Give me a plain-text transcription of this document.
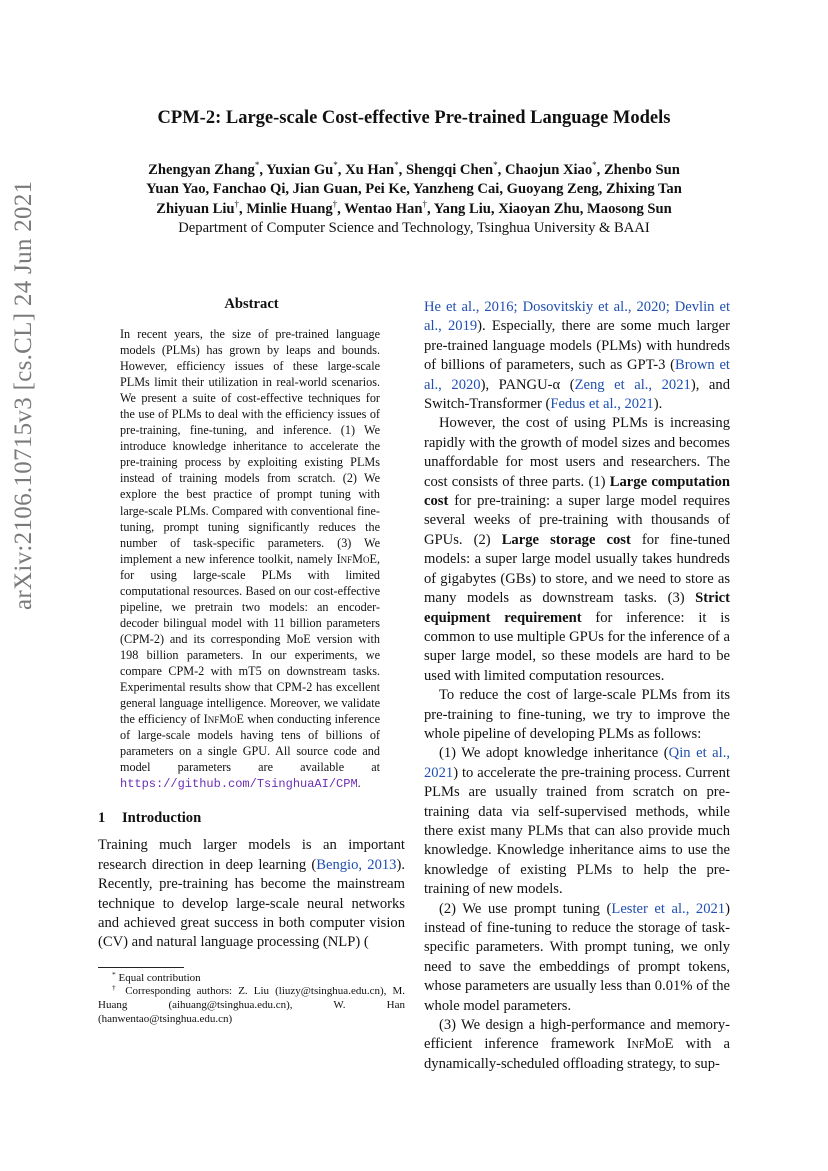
arXiv:2106.10715v3 [cs.CL] 24 Jun 2021
CPM-2: Large-scale Cost-effective Pre-trained Language Models
Zhengyan Zhang*, Yuxian Gu*, Xu Han*, Shengqi Chen*, Chaojun Xiao*, Zhenbo Sun
Yuan Yao, Fanchao Qi, Jian Guan, Pei Ke, Yanzheng Cai, Guoyang Zeng, Zhixing Tan
Zhiyuan Liu†, Minlie Huang†, Wentao Han†, Yang Liu, Xiaoyan Zhu, Maosong Sun
Department of Computer Science and Technology, Tsinghua University & BAAI
Abstract
In recent years, the size of pre-trained language models (PLMs) has grown by leaps and bounds. However, efficiency issues of these large-scale PLMs limit their utilization in real-world scenarios. We present a suite of cost-effective techniques for the use of PLMs to deal with the efficiency issues of pre-training, fine-tuning, and inference. (1) We introduce knowledge inheritance to accelerate the pre-training process by exploiting existing PLMs instead of training models from scratch. (2) We explore the best practice of prompt tuning with large-scale PLMs. Compared with conventional fine-tuning, prompt tuning significantly reduces the number of task-specific parameters. (3) We implement a new inference toolkit, namely InfMoE, for using large-scale PLMs with limited computational resources. Based on our cost-effective pipeline, we pretrain two models: an encoder-decoder bilingual model with 11 billion parameters (CPM-2) and its corresponding MoE version with 198 billion parameters. In our experiments, we compare CPM-2 with mT5 on downstream tasks. Experimental results show that CPM-2 has excellent general language intelligence. Moreover, we validate the efficiency of InfMoE when conducting inference of large-scale models having tens of billions of parameters on a single GPU. All source code and model parameters are available at https://github.com/TsinghuaAI/CPM.
1 Introduction

Training much larger models is an important research direction in deep learning (Bengio, 2013). Recently, pre-training has become the mainstream technique to develop large-scale neural networks and achieved great success in both computer vision (CV) and natural language processing (NLP) (

* Equal contribution

† Corresponding authors: Z. Liu (liuzy@tsinghua.edu.cn), M. Huang (aihuang@tsinghua.edu.cn), W. Han (hanwentao@tsinghua.edu.cn)

He et al., 2016; Dosovitskiy et al., 2020; Devlin et al., 2019). Especially, there are some much larger pre-trained language models (PLMs) with hundreds of billions of parameters, such as GPT-3 (Brown et al., 2020), PANGU-α (Zeng et al., 2021), and Switch-Transformer (Fedus et al., 2021).

However, the cost of using PLMs is increasing rapidly with the growth of model sizes and becomes unaffordable for most users and researchers. The cost consists of three parts. (1) Large computation cost for pre-training: a super large model requires several weeks of pre-training with thousands of GPUs. (2) Large storage cost for fine-tuned models: a super large model usually takes hundreds of gigabytes (GBs) to store, and we need to store as many models as downstream tasks. (3) Strict equipment requirement for inference: it is common to use multiple GPUs for the inference of a super large model, so these models are hard to be used with limited computation resources.

To reduce the cost of large-scale PLMs from its pre-training to fine-tuning, we try to improve the whole pipeline of developing PLMs as follows:

(1) We adopt knowledge inheritance (Qin et al., 2021) to accelerate the pre-training process. Current PLMs are usually trained from scratch on pre-training data via self-supervised methods, while there exist many PLMs that can also provide much knowledge. Knowledge inheritance aims to use the knowledge of existing PLMs to help the pre-training of new models.

(2) We use prompt tuning (Lester et al., 2021) instead of fine-tuning to reduce the storage of task-specific parameters. With prompt tuning, we only need to save the embeddings of prompt tokens, whose parameters are usually less than 0.01% of the whole model parameters.

(3) We design a high-performance and memory-efficient inference framework InfMoE with a dynamically-scheduled offloading strategy, to sup-
